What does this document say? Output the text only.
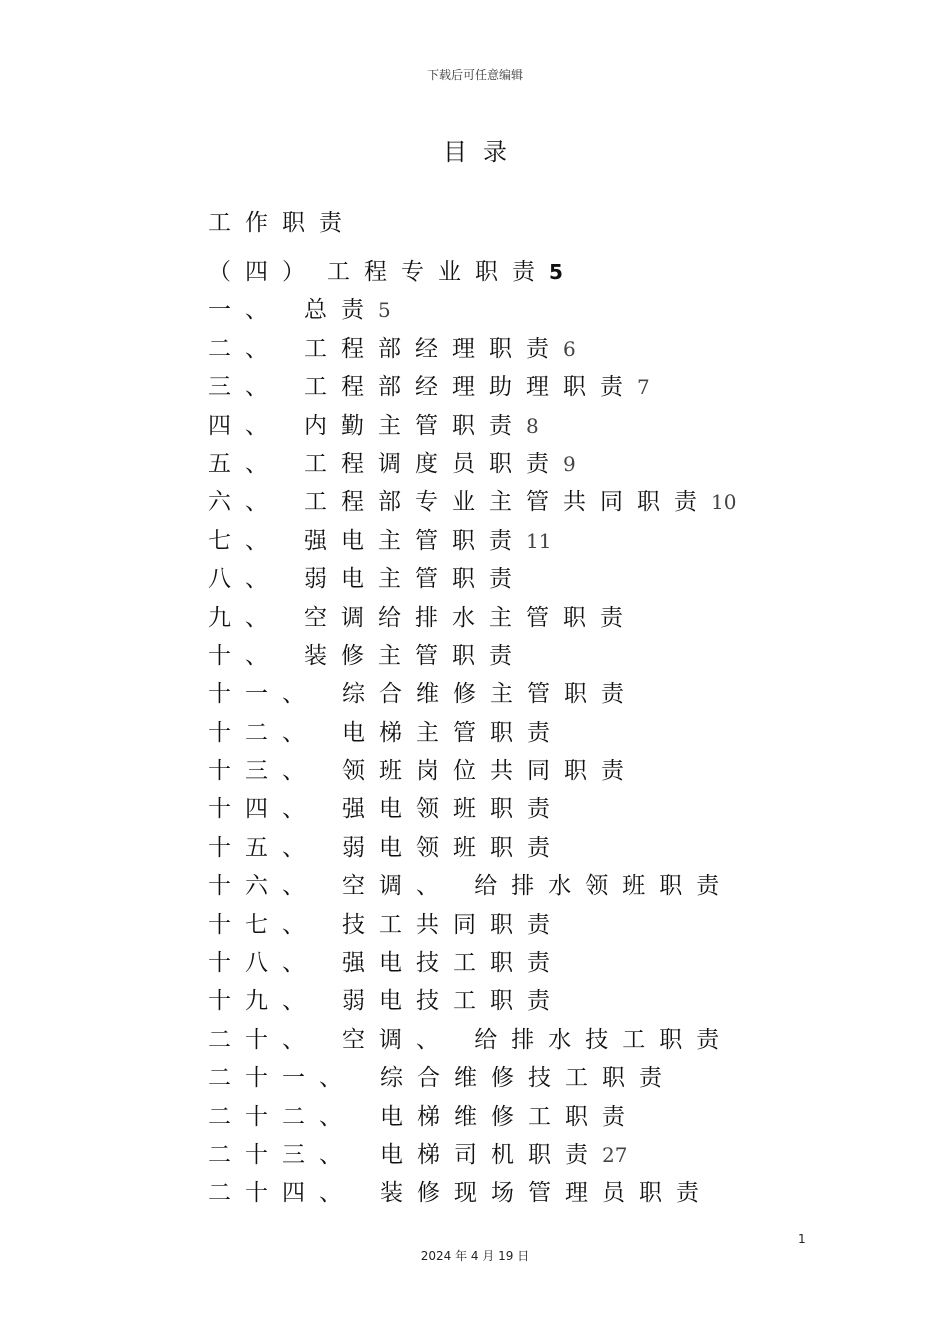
下载后可任意编辑
目录
工作职责
（四） 工程专业职责5
一、 总责5
二、 工程部经理职责6
三、 工程部经理助理职责7
四、 内勤主管职责8
五、 工程调度员职责9
六、 工程部专业主管共同职责10
七、 强电主管职责11
八、 弱电主管职责
九、 空调给排水主管职责
十、 装修主管职责
十一、 综合维修主管职责
十二、 电梯主管职责
十三、 领班岗位共同职责
十四、 强电领班职责
十五、 弱电领班职责
十六、 空调、 给排水领班职责
十七、 技工共同职责
十八、 强电技工职责
十九、 弱电技工职责
二十、 空调、 给排水技工职责
二十一、 综合维修技工职责
二十二、 电梯维修工职责
二十三、 电梯司机职责27
二十四、 装修现场管理员职责
1
2024 年 4 月 19 日
